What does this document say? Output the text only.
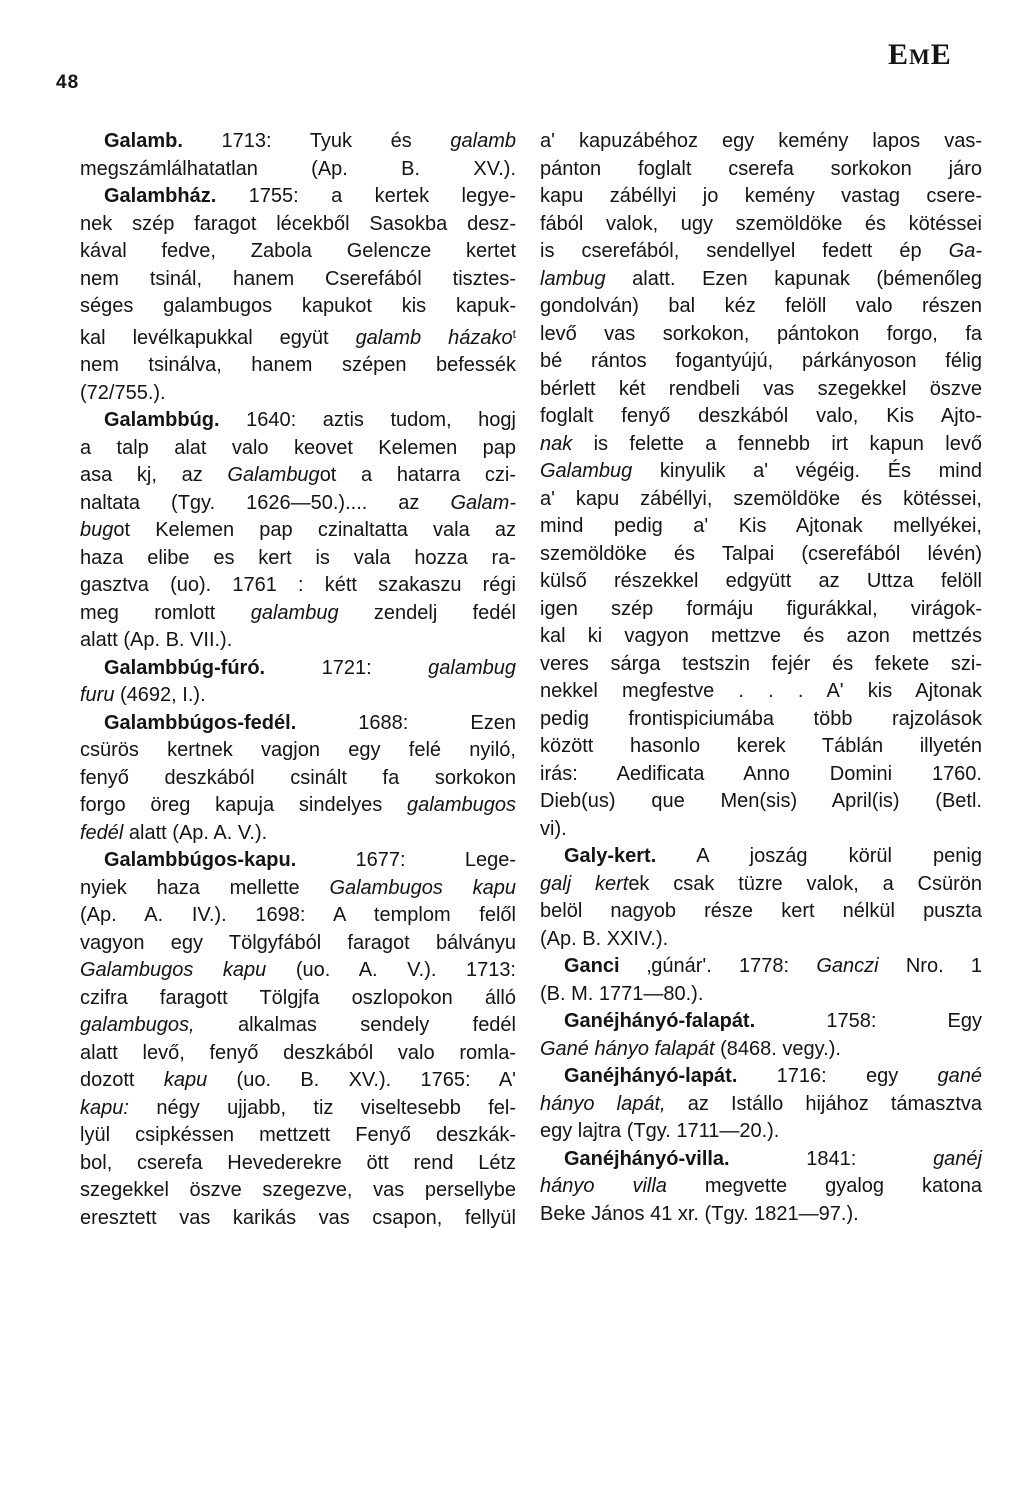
48
EME
Galamb. 1713: Tyuk és galamb
megszámlálhatatlan (Ap. B. XV.).
Galambház. 1755: a kertek legye-
nek szép faragot lécekből Sasokba desz-
kával fedve, Zabola Gelencze kertet
nem tsinál, hanem Cserefából tisztes-
séges galambugos kapukot kis kapuk-
kal levélkapukkal együt galamb házako$^t$
nem tsinálva, hanem szépen befessék
(72/755.).
Galambbúg. 1640: aztis tudom, hogj
a talp alat valo keovet Kelemen pap
asa kj, az Galambugot a hatarra czi-
naltata (Tgy. 1626—50.).... az Galam-
bugot Kelemen pap czinaltatta vala az
haza elibe es kert is vala hozza ra-
gasztva (uo). 1761 : kétt szakaszu régi
meg romlott galambug zendelj fedél
alatt (Ap. B. VII.).
Galambbúg-fúró. 1721: galambug
furu (4692, I.).
Galambbúgos-fedél. 1688: Ezen
csürös kertnek vagjon egy felé nyiló,
fenyő deszkából csinált fa sorkokon
forgo öreg kapuja sindelyes galambugos
fedél alatt (Ap. A. V.).
Galambbúgos-kapu. 1677: Lege-
nyiek haza mellette Galambugos kapu
(Ap. A. IV.). 1698: A templom felől
vagyon egy Tölgyfából faragot bálványu
Galambugos kapu (uo. A. V.). 1713:
czifra faragott Tölgjfa oszlopokon álló
galambugos, alkalmas sendely fedél
alatt levő, fenyő deszkából valo romla-
dozott kapu (uo. B. XV.). 1765: A'
kapu: négy ujjabb, tiz viseltesebb fel-
lyül csipkéssen mettzett Fenyő deszkák-
bol, cserefa Hevederekre ött rend Létz
szegekkel öszve szegezve, vas persellybe
eresztett vas karikás vas csapon, fellyül
a' kapuzábéhoz egy kemény lapos vas-
pánton foglalt cserefa sorkokon járo
kapu zábéllyi jo kemény vastag csere-
fából valok, ugy szemöldöke és kötéssei
is cserefából, sendellyel fedett ép Ga-
lambug alatt. Ezen kapunak (bémenőleg
gondolván) bal kéz felöll valo részen
levő vas sorkokon, pántokon forgo, fa
bé rántos fogantyújú, párkányoson félig
bérlett két rendbeli vas szegekkel öszve
foglalt fenyő deszkából valo, Kis Ajto-
nak is felette a fennebb irt kapun levő
Galambug kinyulik a' végéig. És mind
a' kapu zábéllyi, szemöldöke és kötéssei,
mind pedig a' Kis Ajtonak mellyékei,
szemöldöke és Talpai (cserefából lévén)
külső részekkel edgyütt az Uttza felöll
igen szép formáju figurákkal, virágok-
kal ki vagyon mettzve és azon mettzés
veres sárga testszin fejér és fekete szi-
nekkel megfestve . . . A' kis Ajtonak
pedig frontispiciumába több rajzolások
között hasonlo kerek Táblán illyetén
irás: Aedificata Anno Domini 1760.
Dieb(us) que Men(sis) April(is) (Betl.
vi).
Galy-kert. A joszág körül penig
galj kertek csak tüzre valok, a Csürön
belöl nagyob része kert nélkül puszta
(Ap. B. XXIV.).
Ganci ‚gúnár'. 1778: Ganczi Nro. 1
(B. M. 1771—80.).
Ganéjhányó-falapát. 1758: Egy
Gané hányo falapát (8468. vegy.).
Ganéjhányó-lapát. 1716: egy gané
hányo lapát, az Istállo hijához támasztva
egy lajtra (Tgy. 1711—20.).
Ganéjhányó-villa. 1841: ganéj
hányo villa megvette gyalog katona
Beke János 41 xr. (Tgy. 1821—97.).
